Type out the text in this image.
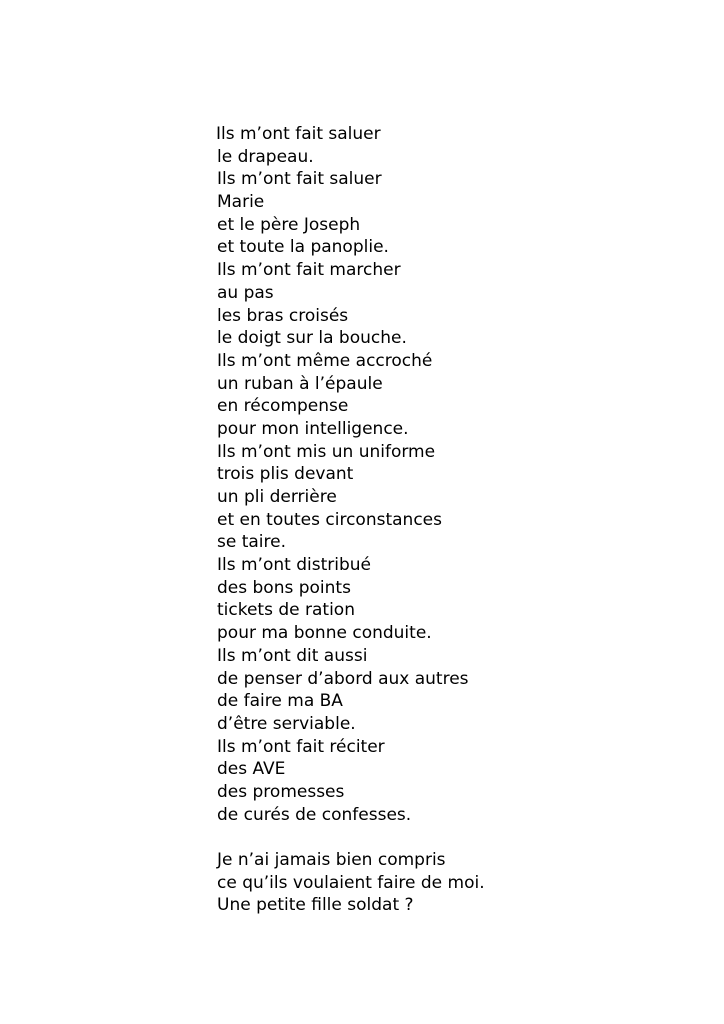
Ils m’ont fait saluer
le drapeau.
Ils m’ont fait saluer
Marie
et le père Joseph
et toute la panoplie.
Ils m’ont fait marcher
au pas
les bras croisés
le doigt sur la bouche.
Ils m’ont même accroché
un ruban à l’épaule
en récompense
pour mon intelligence.
Ils m’ont mis un uniforme
trois plis devant
un pli derrière
et en toutes circonstances
se taire.
Ils m’ont distribué
des bons points
tickets de ration
pour ma bonne conduite.
Ils m’ont dit aussi
de penser d’abord aux autres
de faire ma BA
d’être serviable.
Ils m’ont fait réciter
des AVE
des promesses
de curés de confesses.
Je n’ai jamais bien compris
ce qu’ils voulaient faire de moi.
Une petite fille soldat ?
